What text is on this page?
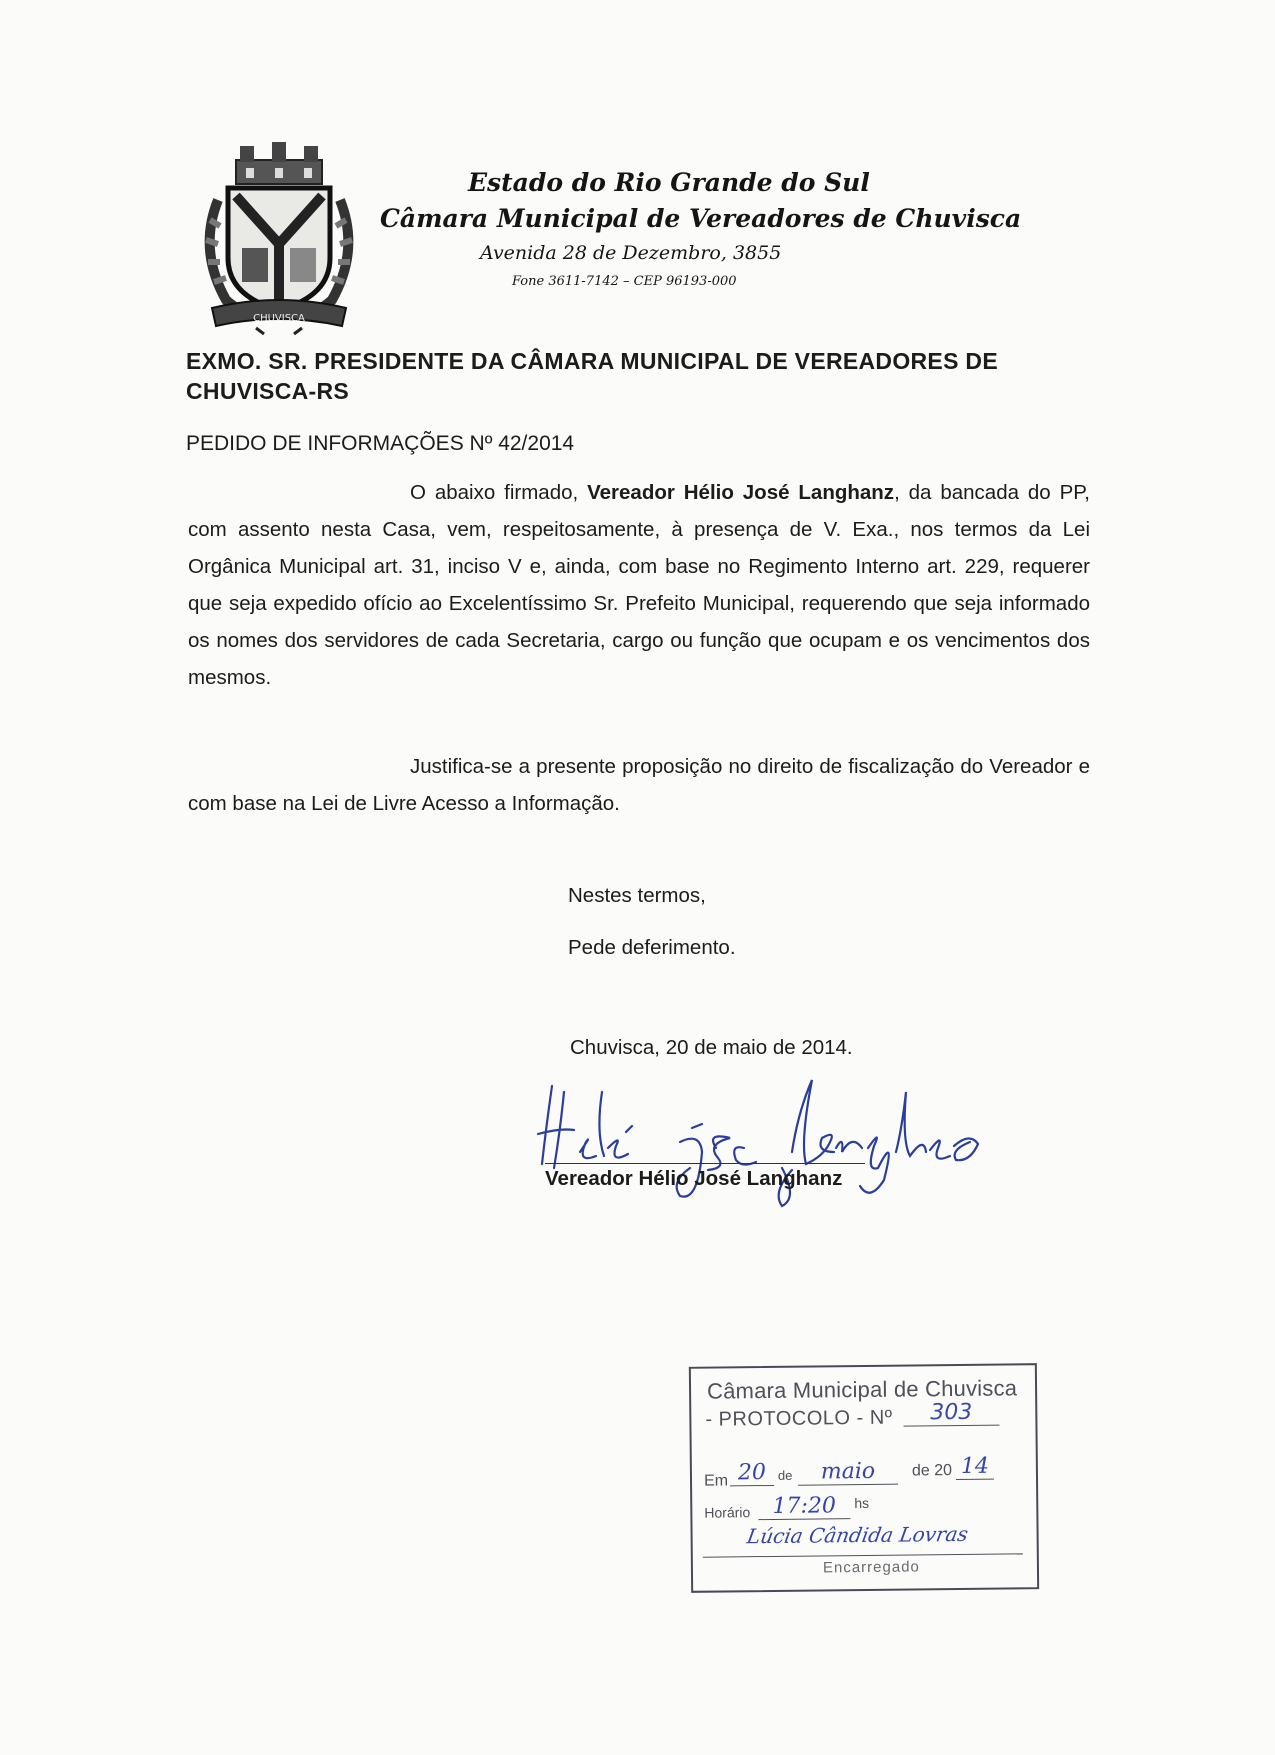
CHUVISCA
Estado do Rio Grande do Sul
Câmara Municipal de Vereadores de Chuvisca
Avenida 28 de Dezembro, 3855
Fone 3611-7142 – CEP 96193-000
EXMO. SR. PRESIDENTE DA CÂMARA MUNICIPAL DE VEREADORES DE CHUVISCA-RS
PEDIDO DE INFORMAÇÕES Nº 42/2014

O abaixo firmado, Vereador Hélio José Langhanz, da bancada do PP, com assento nesta Casa, vem, respeitosamente, à presença de V. Exa., nos termos da Lei Orgânica Municipal art. 31, inciso V e, ainda, com base no Regimento Interno art. 229, requerer que seja expedido ofício ao Excelentíssimo Sr. Prefeito Municipal, requerendo que seja informado os nomes dos servidores de cada Secretaria, cargo ou função que ocupam e os vencimentos dos mesmos.

Justifica-se a presente proposição no direito de fiscalização do Vereador e com base na Lei de Livre Acesso a Informação.

Nestes termos,
Pede deferimento.
Chuvisca, 20 de maio de 2014.
Vereador Hélio José Langhanz
Câmara Municipal de Chuvisca
- PROTOCOLO - Nº	303
Em 20 de	maio	de 20 14
Horário	17:20	hs
Lúcia Cândida Lovras
Encarregado
